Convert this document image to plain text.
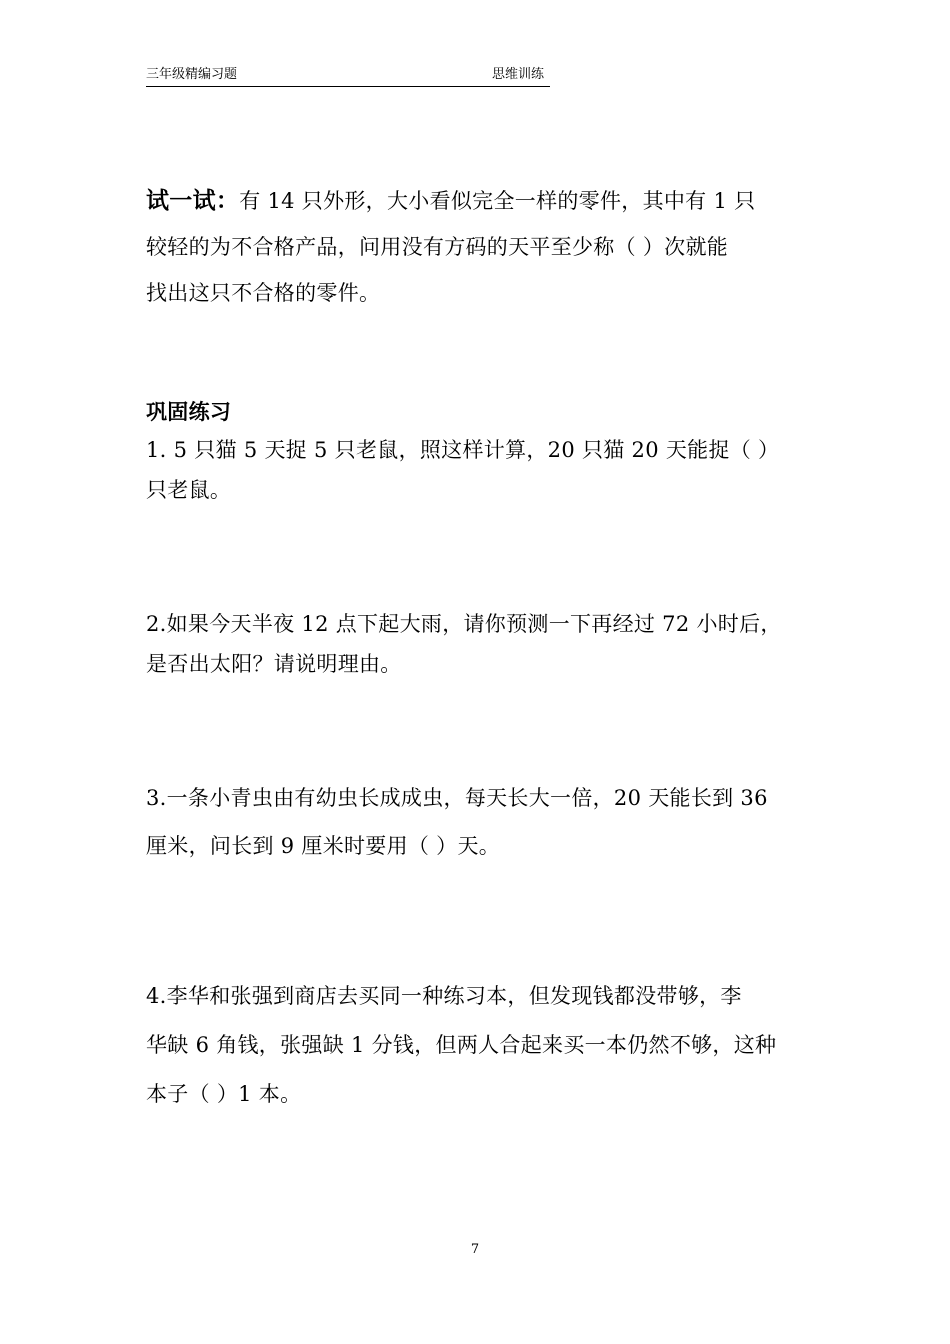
三年级精编习题	思维训练
试一试：有 14 只外形，大小看似完全一样的零件，其中有 1 只
较轻的为不合格产品，问用没有方码的天平至少称（ ）次就能
找出这只不合格的零件。
巩固练习
1. 5 只猫 5 天捉 5 只老鼠，照这样计算，20 只猫 20 天能捉（ ）
只老鼠。
2.如果今天半夜 12 点下起大雨，请你预测一下再经过 72 小时后，
是否出太阳？请说明理由。
3.一条小青虫由有幼虫长成成虫，每天长大一倍，20 天能长到 36
厘米，问长到 9 厘米时要用（ ）天。
4.李华和张强到商店去买同一种练习本，但发现钱都没带够，李
华缺 6 角钱，张强缺 1 分钱，但两人合起来买一本仍然不够，这种
本子（ ）1 本。
7
